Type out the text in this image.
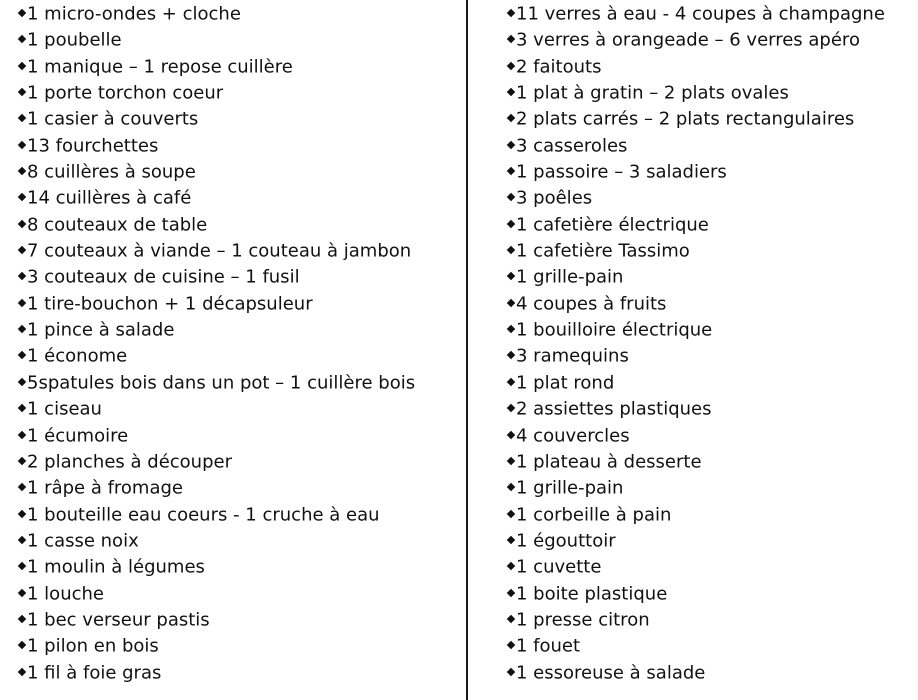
1 micro-ondes + cloche
1 poubelle
1 manique – 1 repose cuillère
1 porte torchon coeur
1 casier à couverts
13 fourchettes
8 cuillères à soupe
14 cuillères à café
8 couteaux de table
7 couteaux à viande – 1 couteau à jambon
3 couteaux de cuisine – 1 fusil
1 tire-bouchon + 1 décapsuleur
1 pince à salade
1 économe
5spatules bois dans un pot – 1 cuillère bois
1 ciseau
1 écumoire
2 planches à découper
1 râpe à fromage
1 bouteille eau coeurs - 1 cruche à eau
1 casse noix
1 moulin à légumes
1 louche
1 bec verseur pastis
1 pilon en bois
1 fil à foie gras
11 verres à eau - 4 coupes à champagne
3 verres à orangeade – 6 verres apéro
2 faitouts
1 plat à gratin – 2 plats ovales
2 plats carrés – 2 plats rectangulaires
3 casseroles
1 passoire – 3 saladiers
3 poêles
1 cafetière électrique
1 cafetière Tassimo
1 grille-pain
4 coupes à fruits
1 bouilloire électrique
3 ramequins
1 plat rond
2 assiettes plastiques
4 couvercles
1 plateau à desserte
1 grille-pain
1 corbeille à pain
1 égouttoir
1 cuvette
1 boite plastique
1 presse citron
1 fouet
1 essoreuse à salade
